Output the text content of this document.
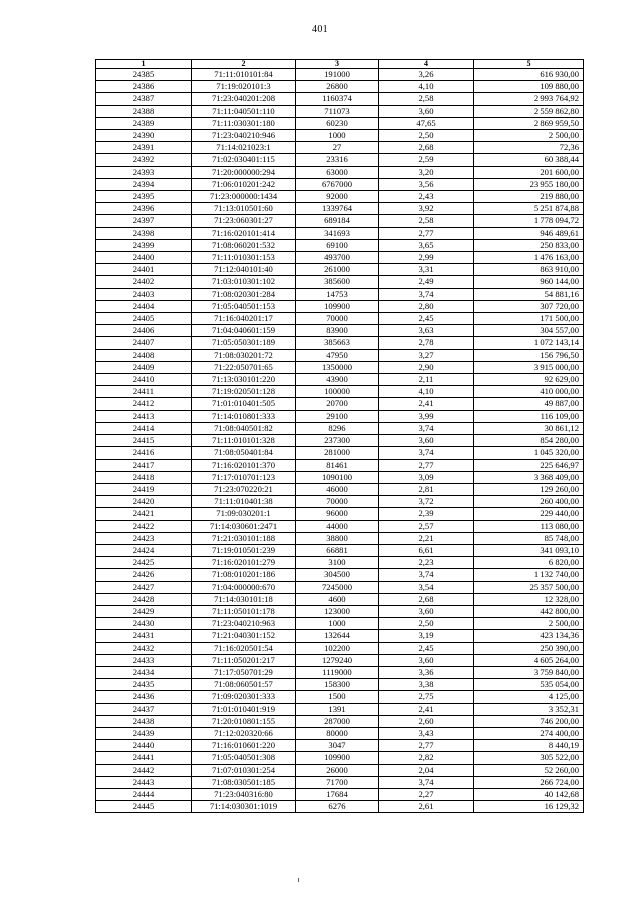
401
1	2	3	4	5
24385	71:11:010101:84	191000	3,26	616 930,00
24386	71:19:020101:3	26800	4,10	109 880,00
24387	71:23:040201:208	1160374	2,58	2 993 764,92
24388	71:11:040501:110	711073	3,60	2 559 862,80
24389	71:11:030301:180	60230	47,65	2 869 959,50
24390	71:23:040210:946	1000	2,50	2 500,00
24391	71:14:021023:1	27	2,68	72,36
24392	71:02:030401:115	23316	2,59	60 388,44
24393	71:20:000000:294	63000	3,20	201 600,00
24394	71:06:010201:242	6767000	3,56	23 955 180,00
24395	71:23:000000:1434	92000	2,43	219 880,00
24396	71:13:010501:60	1339764	3,92	5 251 874,88
24397	71:23:060301:27	689184	2,58	1 778 094,72
24398	71:16:020101:414	341693	2,77	946 489,61
24399	71:08:060201:532	69100	3,65	250 833,00
24400	71:11:010301:153	493700	2,99	1 476 163,00
24401	71:12:040101:40	261000	3,31	863 910,00
24402	71:03:010301:102	385600	2,49	960 144,00
24403	71:08:020301:284	14753	3,74	54 881,16
24404	71:05:040501:153	109900	2,80	307 720,00
24405	71:16:040201:17	70000	2,45	171 500,00
24406	71:04:040601:159	83900	3,63	304 557,00
24407	71:05:050301:189	385663	2,78	1 072 143,14
24408	71:08:030201:72	47950	3,27	156 796,50
24409	71:22:050701:65	1350000	2,90	3 915 000,00
24410	71:13:030101:220	43900	2,11	92 629,00
24411	71:19:020501:128	100000	4,10	410 000,00
24412	71:01:010401:505	20700	2,41	49 887,00
24413	71:14:010801:333	29100	3,99	116 109,00
24414	71:08:040501:82	8296	3,74	30 861,12
24415	71:11:010101:328	237300	3,60	854 280,00
24416	71:08:050401:84	281000	3,74	1 045 320,00
24417	71:16:020101:370	81461	2,77	225 646,97
24418	71:17:010701:123	1090100	3,09	3 368 409,00
24419	71:23:070220:21	46000	2,81	129 260,00
24420	71:11:010401:38	70000	3,72	260 400,00
24421	71:09:030201:1	96000	2,39	229 440,00
24422	71:14:030601:2471	44000	2,57	113 080,00
24423	71:21:030101:188	38800	2,21	85 748,00
24424	71:19:010501:239	66881	6,61	341 093,10
24425	71:16:020101:279	3100	2,23	6 820,00
24426	71:08:010201:186	304500	3,74	1 132 740,00
24427	71:04:000000:670	7245000	3,54	25 357 500,00
24428	71:14:030101:18	4600	2,68	12 328,00
24429	71:11:050101:178	123000	3,60	442 800,00
24430	71:23:040210:963	1000	2,50	2 500,00
24431	71:21:040301:152	132644	3,19	423 134,36
24432	71:16:020501:54	102200	2,45	250 390,00
24433	71:11:050201:217	1279240	3,60	4 605 264,00
24434	71:17:050701:29	1119000	3,36	3 759 840,00
24435	71:08:060501:57	158300	3,38	535 054,00
24436	71:09:020301:333	1500	2,75	4 125,00
24437	71:01:010401:919	1391	2,41	3 352,31
24438	71:20:010801:155	287000	2,60	746 200,00
24439	71:12:020320:66	80000	3,43	274 400,00
24440	71:16:010601:220	3047	2,77	8 440,19
24441	71:05:040501:308	109900	2,82	305 522,00
24442	71:07:010301:254	26000	2,04	52 260,00
24443	71:08:030501:185	71700	3,74	266 724,00
24444	71:23:040316:80	17684	2,27	40 142,68
24445	71:14:030301:1019	6276	2,61	16 129,32
